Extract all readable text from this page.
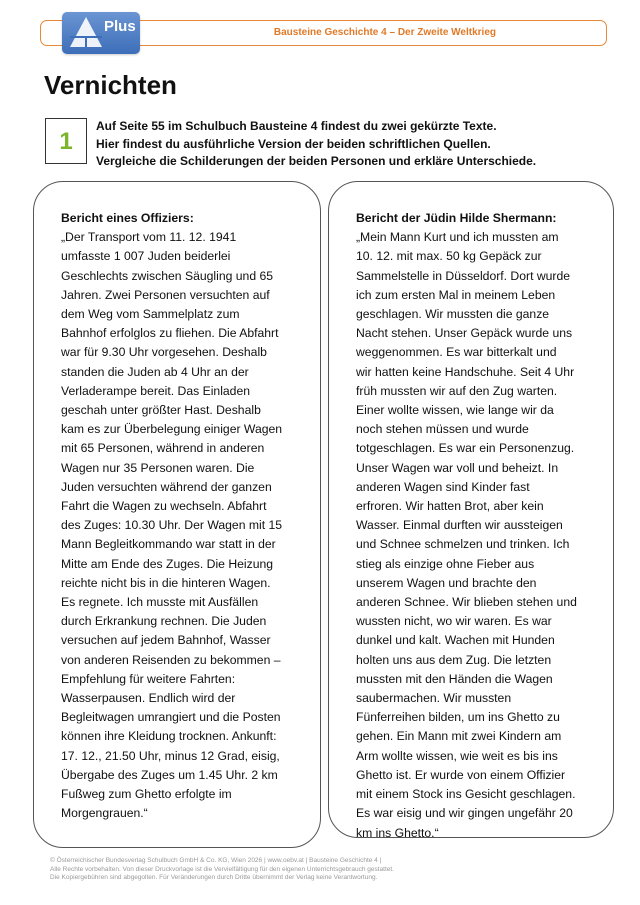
Bausteine Geschichte 4 – Der Zweite Weltkrieg
Plus
Vernichten
1
Auf Seite 55 im Schulbuch Bausteine 4 findest du zwei gekürzte Texte.
Hier findest du ausführliche Version der beiden schriftlichen Quellen.
Vergleiche die Schilderungen der beiden Personen und erkläre Unterschiede.
Bericht eines Offiziers:
„Der Transport vom 11. 12. 1941
umfasste 1 007 Juden beiderlei
Geschlechts zwischen Säugling und 65
Jahren. Zwei Personen versuchten auf
dem Weg vom Sammelplatz zum
Bahnhof erfolglos zu fliehen. Die Abfahrt
war für 9.30 Uhr vorgesehen. Deshalb
standen die Juden ab 4 Uhr an der
Verladerampe bereit. Das Einladen
geschah unter größter Hast. Deshalb
kam es zur Überbelegung einiger Wagen
mit 65 Personen, während in anderen
Wagen nur 35 Personen waren. Die
Juden versuchten während der ganzen
Fahrt die Wagen zu wechseln. Abfahrt
des Zuges: 10.30 Uhr. Der Wagen mit 15
Mann Begleitkommando war statt in der
Mitte am Ende des Zuges. Die Heizung
reichte nicht bis in die hinteren Wagen.
Es regnete. Ich musste mit Ausfällen
durch Erkrankung rechnen. Die Juden
versuchen auf jedem Bahnhof, Wasser
von anderen Reisenden zu bekommen –
Empfehlung für weitere Fahrten:
Wasserpausen. Endlich wird der
Begleitwagen umrangiert und die Posten
können ihre Kleidung trocknen. Ankunft:
17. 12., 21.50 Uhr, minus 12 Grad, eisig,
Übergabe des Zuges um 1.45 Uhr. 2 km
Fußweg zum Ghetto erfolgte im
Morgengrauen.“
Bericht der Jüdin Hilde Shermann:
„Mein Mann Kurt und ich mussten am
10. 12. mit max. 50 kg Gepäck zur
Sammelstelle in Düsseldorf. Dort wurde
ich zum ersten Mal in meinem Leben
geschlagen. Wir mussten die ganze
Nacht stehen. Unser Gepäck wurde uns
weggenommen. Es war bitterkalt und
wir hatten keine Handschuhe. Seit 4 Uhr
früh mussten wir auf den Zug warten.
Einer wollte wissen, wie lange wir da
noch stehen müssen und wurde
totgeschlagen. Es war ein Personenzug.
Unser Wagen war voll und beheizt. In
anderen Wagen sind Kinder fast
erfroren. Wir hatten Brot, aber kein
Wasser. Einmal durften wir aussteigen
und Schnee schmelzen und trinken. Ich
stieg als einzige ohne Fieber aus
unserem Wagen und brachte den
anderen Schnee. Wir blieben stehen und
wussten nicht, wo wir waren. Es war
dunkel und kalt. Wachen mit Hunden
holten uns aus dem Zug. Die letzten
mussten mit den Händen die Wagen
saubermachen. Wir mussten
Fünferreihen bilden, um ins Ghetto zu
gehen. Ein Mann mit zwei Kindern am
Arm wollte wissen, wie weit es bis ins
Ghetto ist. Er wurde von einem Offizier
mit einem Stock ins Gesicht geschlagen.
Es war eisig und wir gingen ungefähr 20
km ins Ghetto.“
© Österreichischer Bundesverlag Schulbuch GmbH & Co. KG, Wien 2026 | www.oebv.at | Bausteine Geschichte 4 |
Alle Rechte vorbehalten. Von dieser Druckvorlage ist die Vervielfältigung für den eigenen Unterrichtsgebrauch gestattet.
Die Kopiergebühren sind abgegolten. Für Veränderungen durch Dritte übernimmt der Verlag keine Verantwortung.
